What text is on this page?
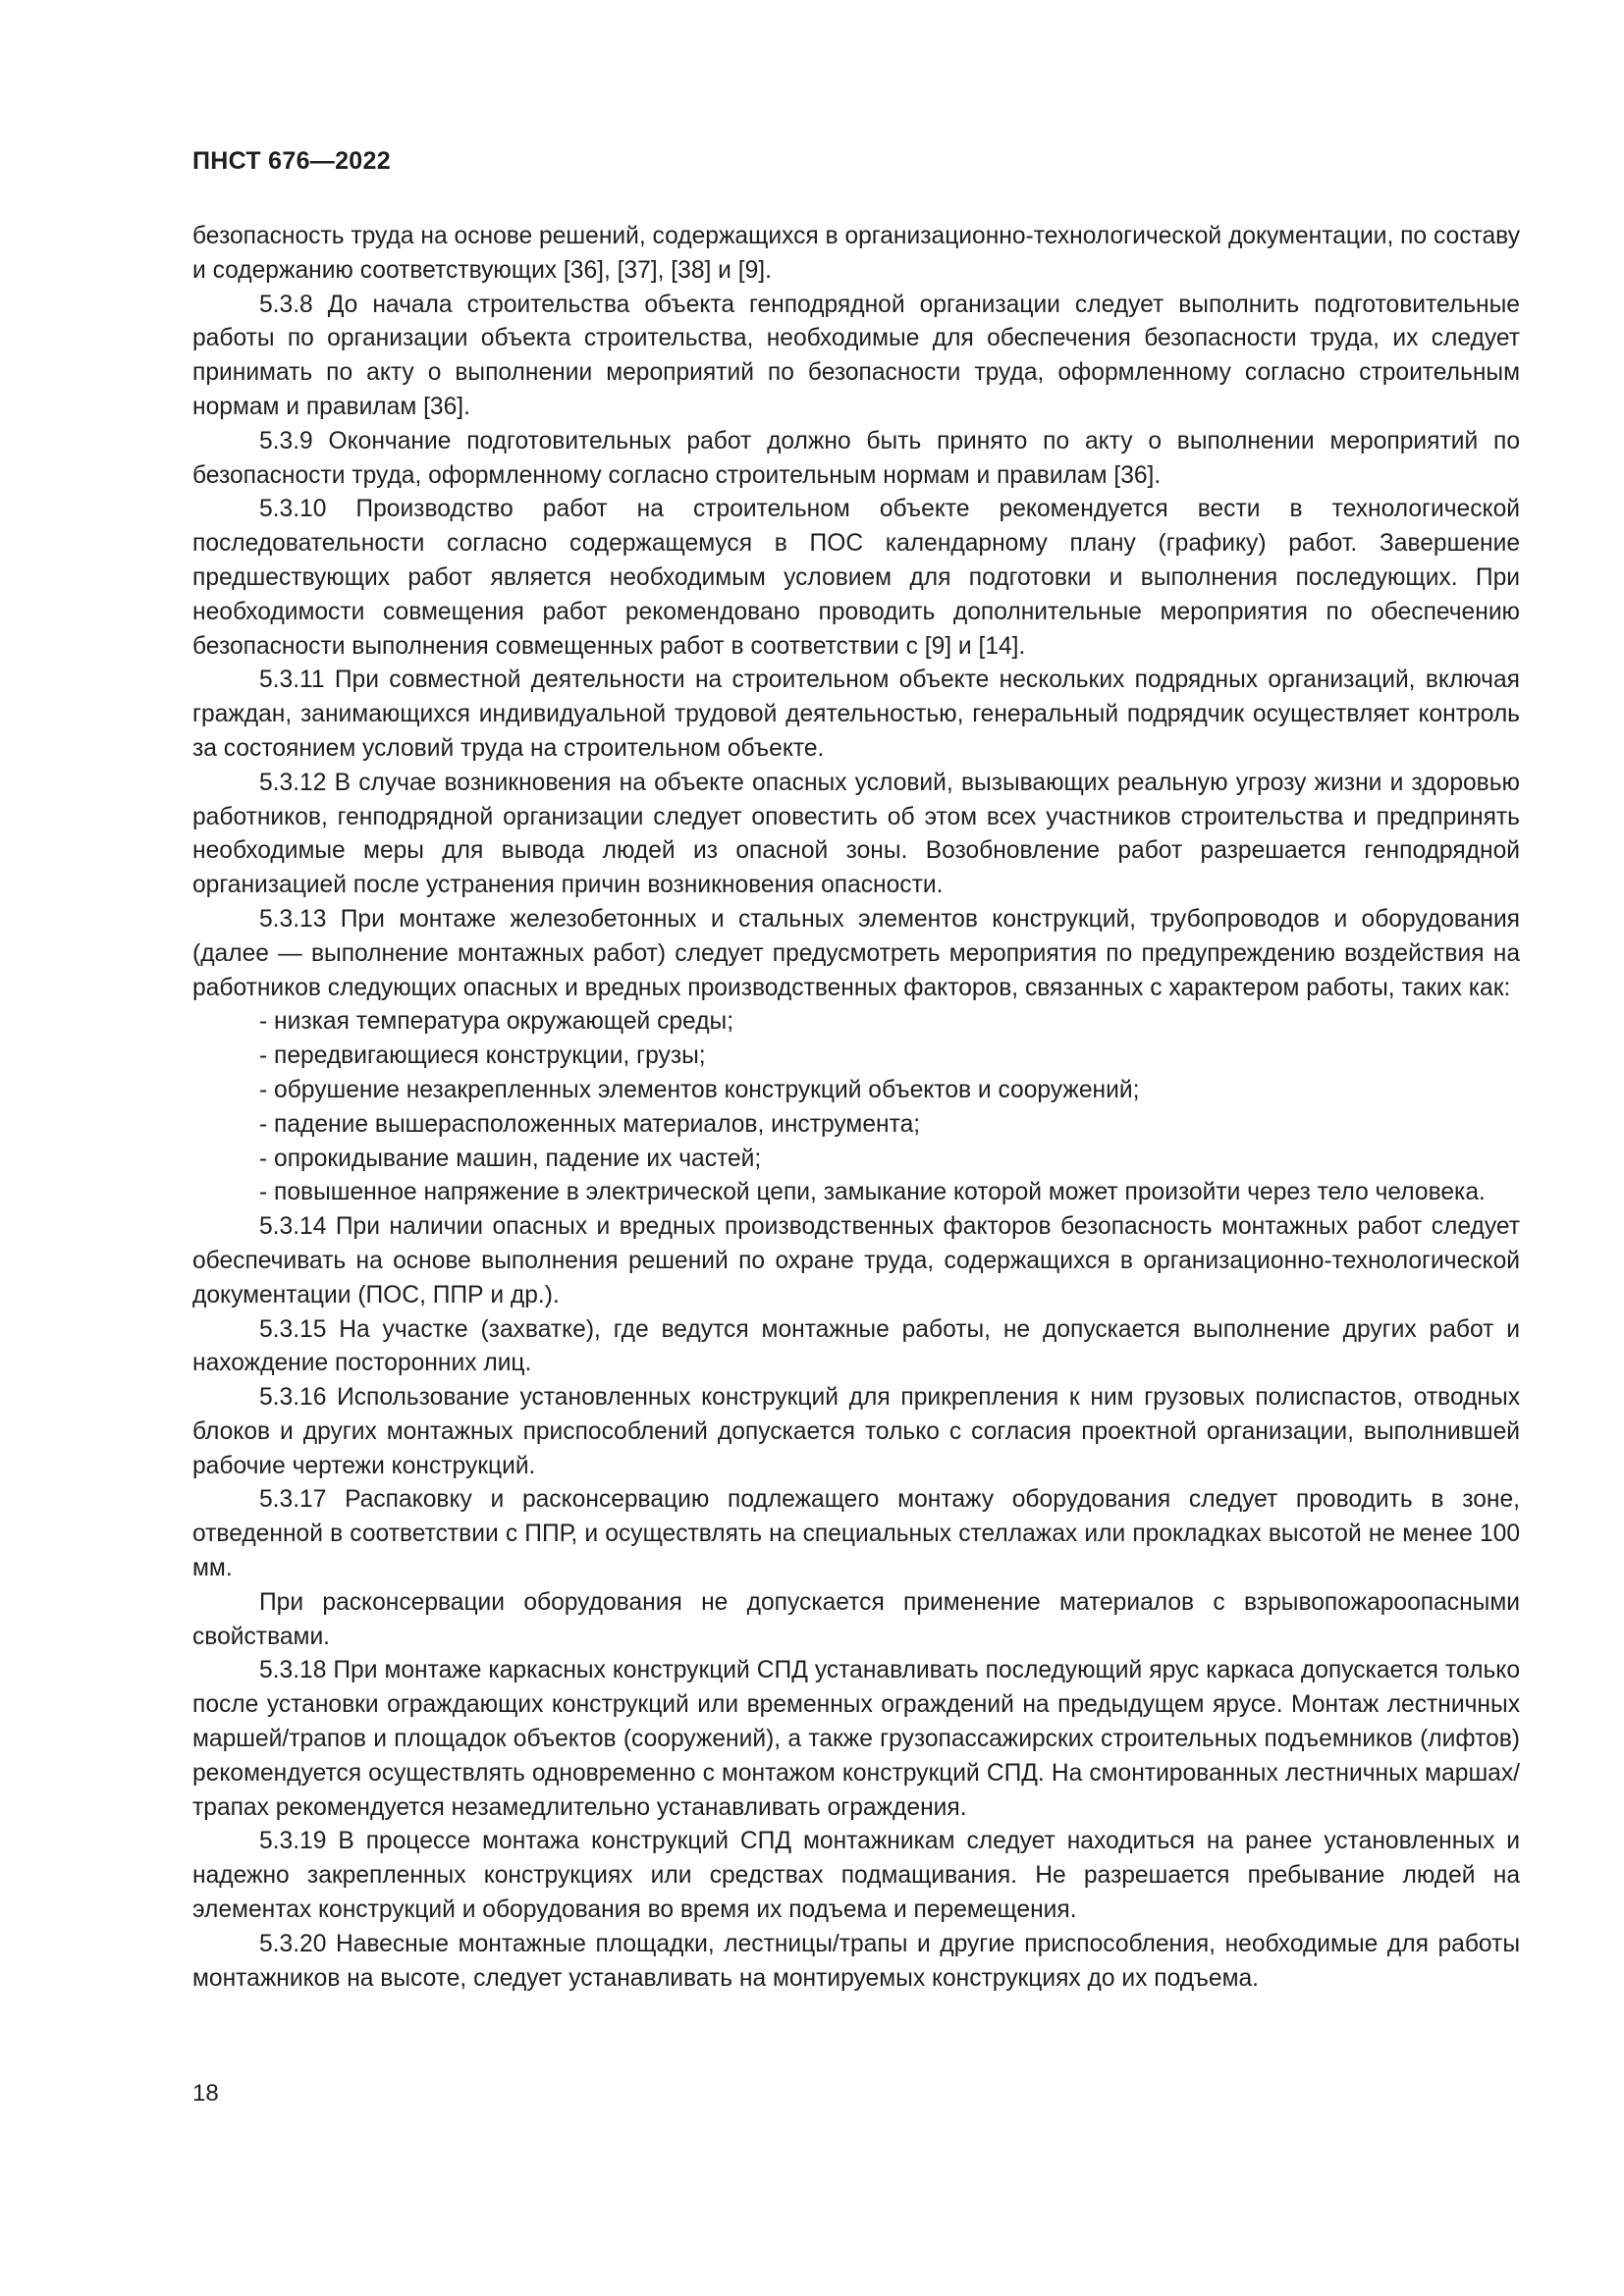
ПНСТ 676—2022

безопасность труда на основе решений, содержащихся в организационно-технологической документации, по составу и содержанию соответствующих [36], [37], [38] и [9].

5.3.8 До начала строительства объекта генподрядной организации следует выполнить подготовительные работы по организации объекта строительства, необходимые для обеспечения безопасности труда, их следует принимать по акту о выполнении мероприятий по безопасности труда, оформленному согласно строительным нормам и правилам [36].

5.3.9 Окончание подготовительных работ должно быть принято по акту о выполнении мероприятий по безопасности труда, оформленному согласно строительным нормам и правилам [36].

5.3.10 Производство работ на строительном объекте рекомендуется вести в технологической последовательности согласно содержащемуся в ПОС календарному плану (графику) работ. Завершение предшествующих работ является необходимым условием для подготовки и выполнения последующих. При необходимости совмещения работ рекомендовано проводить дополнительные мероприятия по обеспечению безопасности выполнения совмещенных работ в соответствии с [9] и [14].

5.3.11 При совместной деятельности на строительном объекте нескольких подрядных организаций, включая граждан, занимающихся индивидуальной трудовой деятельностью, генеральный подрядчик осуществляет контроль за состоянием условий труда на строительном объекте.

5.3.12 В случае возникновения на объекте опасных условий, вызывающих реальную угрозу жизни и здоровью работников, генподрядной организации следует оповестить об этом всех участников строительства и предпринять необходимые меры для вывода людей из опасной зоны. Возобновление работ разрешается генподрядной организацией после устранения причин возникновения опасности.

5.3.13 При монтаже железобетонных и стальных элементов конструкций, трубопроводов и оборудования (далее — выполнение монтажных работ) следует предусмотреть мероприятия по предупреждению воздействия на работников следующих опасных и вредных производственных факторов, связанных с характером работы, таких как:

- низкая температура окружающей среды;

- передвигающиеся конструкции, грузы;

- обрушение незакрепленных элементов конструкций объектов и сооружений;

- падение вышерасположенных материалов, инструмента;

- опрокидывание машин, падение их частей;

- повышенное напряжение в электрической цепи, замыкание которой может произойти через тело человека.

5.3.14 При наличии опасных и вредных производственных факторов безопасность монтажных работ следует обеспечивать на основе выполнения решений по охране труда, содержащихся в организационно-технологической документации (ПОС, ППР и др.).

5.3.15 На участке (захватке), где ведутся монтажные работы, не допускается выполнение других работ и нахождение посторонних лиц.

5.3.16 Использование установленных конструкций для прикрепления к ним грузовых полиспастов, отводных блоков и других монтажных приспособлений допускается только с согласия проектной организации, выполнившей рабочие чертежи конструкций.

5.3.17 Распаковку и расконсервацию подлежащего монтажу оборудования следует проводить в зоне, отведенной в соответствии с ППР, и осуществлять на специальных стеллажах или прокладках высотой не менее 100 мм.

При расконсервации оборудования не допускается применение материалов с взрывопожароопасными свойствами.

5.3.18 При монтаже каркасных конструкций СПД устанавливать последующий ярус каркаса допускается только после установки ограждающих конструкций или временных ограждений на предыдущем ярусе. Монтаж лестничных маршей/трапов и площадок объектов (сооружений), а также грузопассажирских строительных подъемников (лифтов) рекомендуется осуществлять одновременно с монтажом конструкций СПД. На смонтированных лестничных маршах/трапах рекомендуется незамедлительно устанавливать ограждения.

5.3.19 В процессе монтажа конструкций СПД монтажникам следует находиться на ранее установленных и надежно закрепленных конструкциях или средствах подмащивания. Не разрешается пребывание людей на элементах конструкций и оборудования во время их подъема и перемещения.

5.3.20 Навесные монтажные площадки, лестницы/трапы и другие приспособления, необходимые для работы монтажников на высоте, следует устанавливать на монтируемых конструкциях до их подъема.

18
